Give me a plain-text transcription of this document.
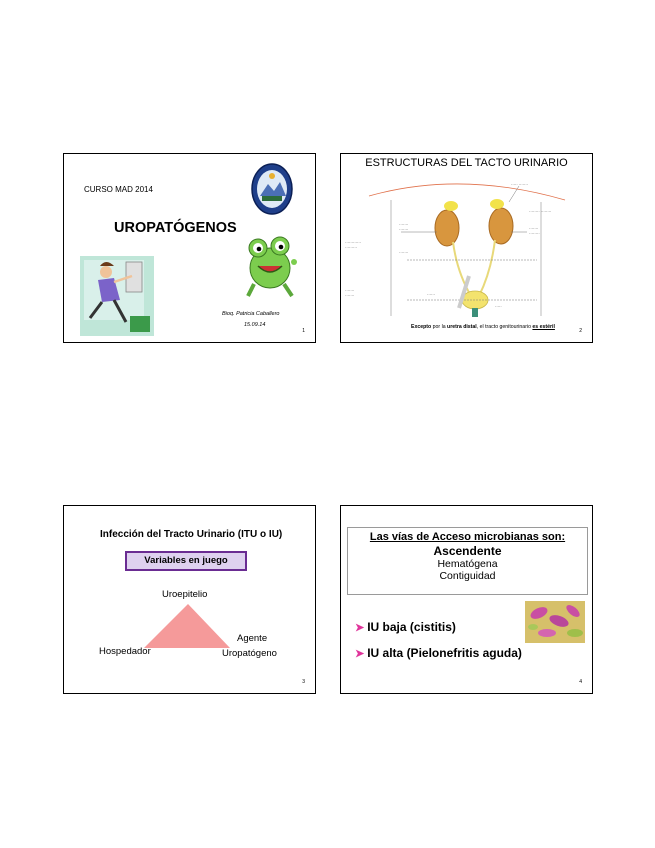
CURSO MAD 2014
UROPATÓGENOS
Bioq. Patricia Caballero
15.09.14
1
ESTRUCTURAS DEL TACTO URINARIO
····· ·······
········ ········
·······
········
·······
·······
············
·········
·······
·······
·······	······
·····
Excepto por la uretra distal, el tracto genitourinario es estéril
2
Infección del Tracto Urinario (ITU o IU)
Variables en juego
Uroepitelio
Hospedador
Agente
Uropatógeno
3
Las vías de Acceso microbianas son:
Ascendente
Hematógena
Contiguidad
➤ IU baja (cistitis)
➤ IU alta (Pielonefritis aguda)
4
